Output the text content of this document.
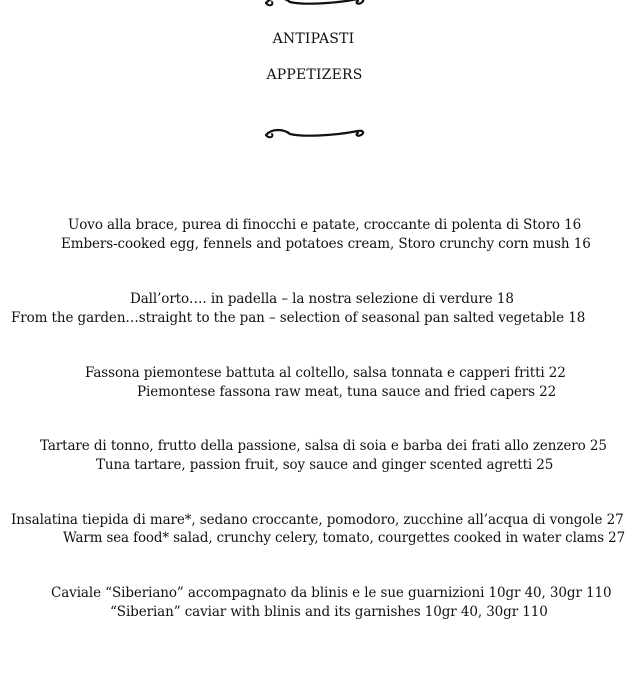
ANTIPASTI
APPETIZERS
Uovo alla brace, purea di finocchi e patate, croccante di polenta di Storo 16
Embers-cooked egg, fennels and potatoes cream, Storo crunchy corn mush 16
Dall’orto…. in padella – la nostra selezione di verdure 18
From the garden…straight to the pan – selection of seasonal pan salted vegetable 18
Fassona piemontese battuta al coltello, salsa tonnata e capperi fritti 22
Piemontese fassona raw meat, tuna sauce and fried capers 22
Tartare di tonno, frutto della passione, salsa di soia e barba dei frati allo zenzero 25
Tuna tartare, passion fruit, soy sauce and ginger scented agretti 25
Insalatina tiepida di mare*, sedano croccante, pomodoro, zucchine all’acqua di vongole 27
Warm sea food* salad, crunchy celery, tomato, courgettes cooked in water clams 27
Caviale “Siberiano” accompagnato da blinis e le sue guarnizioni 10gr 40, 30gr 110
“Siberian” caviar with blinis and its garnishes 10gr 40, 30gr 110
